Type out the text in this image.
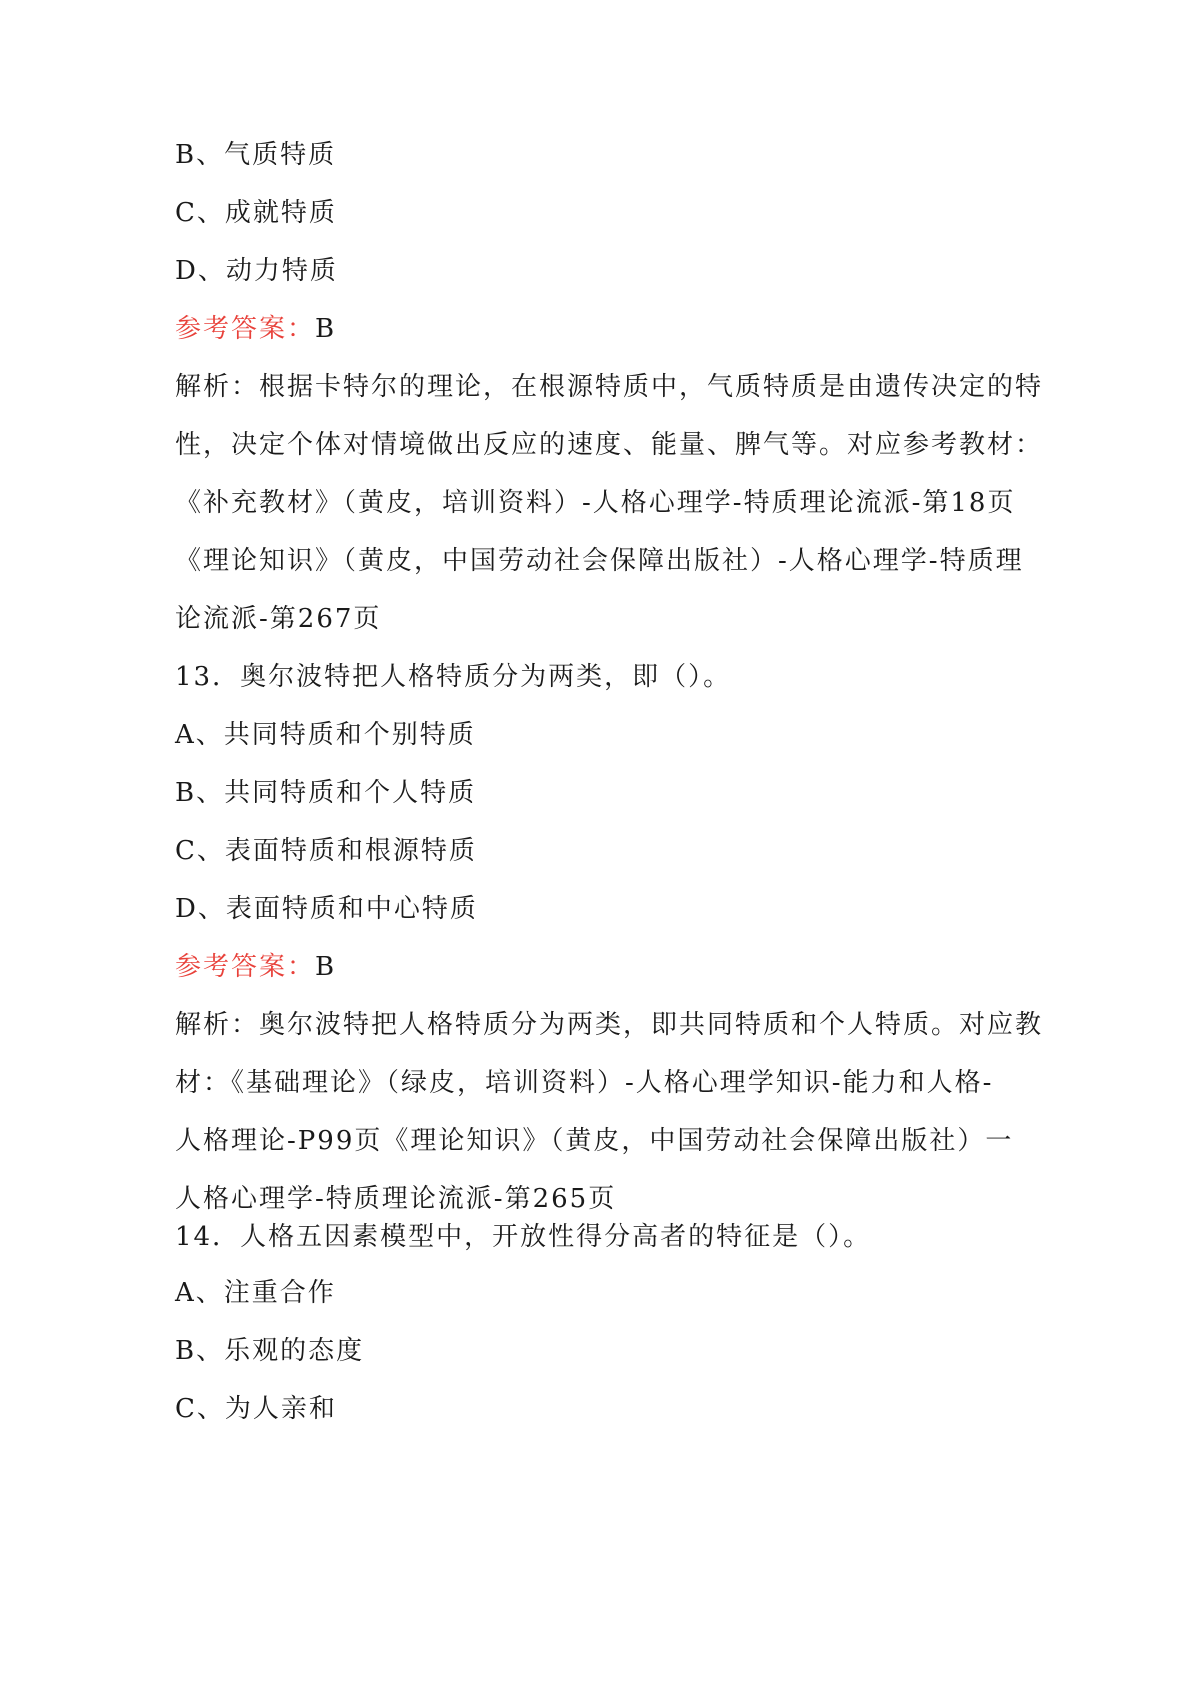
B、气质特质
C、成就特质
D、动力特质
参考答案：B
解析：根据卡特尔的理论，在根源特质中，气质特质是由遗传决定的特
性，决定个体对情境做出反应的速度、能量、脾气等。对应参考教材：
《补充教材》（黄皮，培训资料）-人格心理学-特质理论流派-第18页
《理论知识》（黄皮，中国劳动社会保障出版社）-人格心理学-特质理
论流派-第267页
13．奥尔波特把人格特质分为两类，即（）。
A、共同特质和个别特质
B、共同特质和个人特质
C、表面特质和根源特质
D、表面特质和中心特质
参考答案：B
解析：奥尔波特把人格特质分为两类，即共同特质和个人特质。对应教
材：《基础理论》（绿皮，培训资料）-人格心理学知识-能力和人格-
人格理论-P99页《理论知识》（黄皮，中国劳动社会保障出版社）一
人格心理学-特质理论流派-第265页
14．人格五因素模型中，开放性得分高者的特征是（）。
A、注重合作
B、乐观的态度
C、为人亲和
